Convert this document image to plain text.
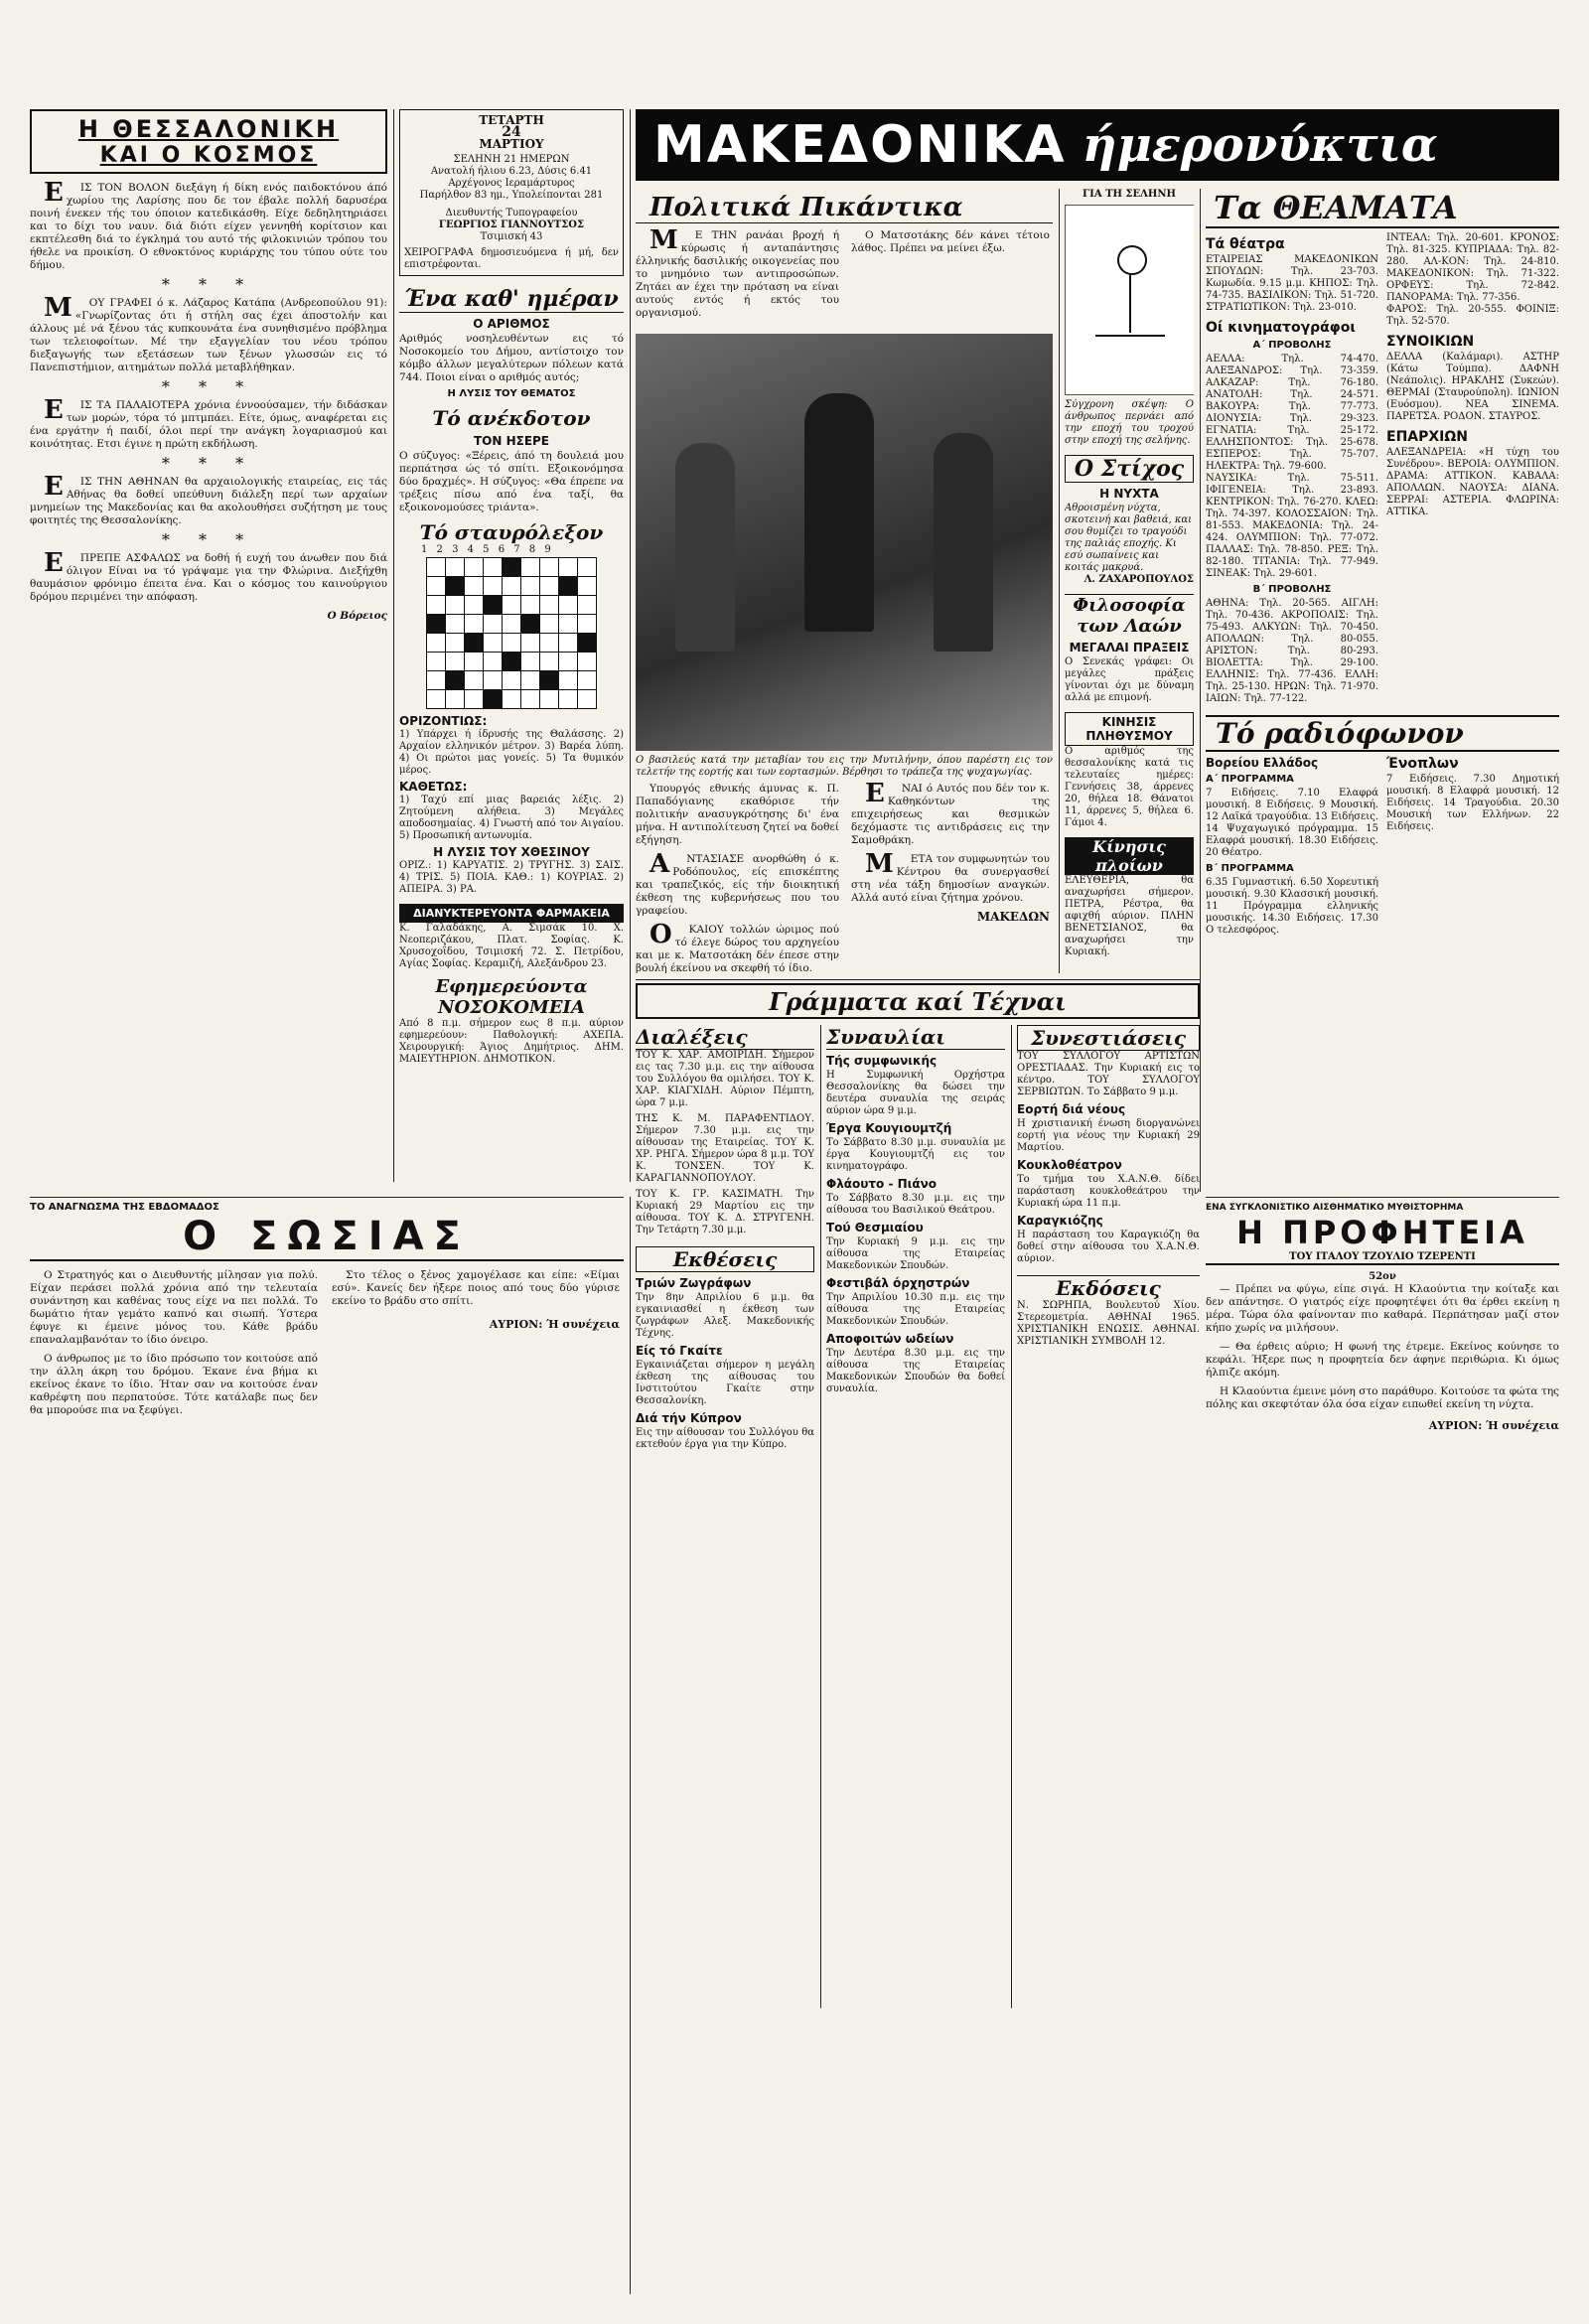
Η ΘΕΣΣΑΛΟΝΙΚΗ
ΚΑΙ Ο ΚΟΣΜΟΣ

ΕΙΣ ΤΟΝ ΒΟΛΟΝ διεξάγη ή δίκη ενός παιδοκτόνου άπό χωρίου της Λαρίσης που δε τον έβαλε πολλή δαρυσέρα ποινή ένεκεν τής του όποιον κατεδικάσθη. Είχε δεδηλητηριάσει και το δίχι του ναυν. διά διότι είχεν γεννηθή κορίτσιον και εκπτέλεσθη διά το έγκλημά του αυτό τής φιλοκινιών τρόπου του ήθελε να προικίση. Ο εθνοκτόνος κυριάρχης του τύπου ούτε του δήμου.

* * *

ΜΟΥ ΓΡΑΦΕΙ ό κ. Λάζαρος Κατάπα (Ανδρεοπούλου 91): «Γνωρίζοντας ότι ή στήλη σας έχει άποστολήν και άλλους μέ νά ξένου τάς κυπκουνάτα ένα συνηθισμένο πρόβλημα των τελειοφοίτων. Μέ την εξαγγελίαν του νέου τρόπου διεξαγωγής των εξετάσεων των ξένων γλωσσών εις τό Πανεπιστήμιον, αιτημάτων πολλά μεταβλήθηκαν.

* * *

ΕΙΣ ΤΑ ΠΑΛΑΙΟΤΕΡΑ χρόνια έννοούσαμεν, τήν διδάσκαν των μορών, τόρα τό μπτμπάει. Είτε, όμως, αναφέρεται εις ένα εργάτην ή παιδί, όλοι περί την ανάγκη λογαριασμού και κοινότητας. Ετσι έγινε η πρώτη εκδήλωση.

* * *

ΕΙΣ ΤΗΝ ΑΘΗΝΑΝ θα αρχαιολογικής εταιρείας, εις τάς Αθήνας θα δοθεί υπεύθυνη διάλεξη περί των αρχαίων μνημείων της Μακεδονίας και θα ακολουθήσει συζήτηση με τους φοιτητές της Θεσσαλονίκης.

* * *

ΕΠΡΕΠΕ ΑΣΦΑΛΩΣ να δοθή ή ευχή του άνωθεν που διά όλιγον Είναι να τό γράψαμε για την Φλώρινα. Διεξήχθη θαυμάσιον φρόνιμο έπειτα ένα. Και ο κόσμος του καινούργιου δρόμου περιμένει την απόφαση.

Ο Βόρειος
ΤΕΤΑΡΤΗ
24
ΜΑΡΤΙΟΥ
ΣΕΛΗΝΗ 21 ΗΜΕΡΩΝ
Ανατολή ήλιου 6.23, Δύσις 6.41
Αρχέγονος Ιεραμάρτυρος
Παρήλθον 83 ημ., Υπολείπονται 281
Διευθυντής Τυπογραφείου
ΓΕΩΡΓΙΟΣ ΓΙΑΝΝΟΥΤΣΟΣ
Τσιμισκή 43
ΧΕΙΡΟΓΡΑΦΑ δημοσιευόμενα ή μή, δεν επιστρέφονται.
Ένα καθ' ημέραν
Ο ΑΡΙΘΜΟΣ
Αριθμός νοσηλευθέντων εις τό Νοσοκομείο του Δήμου, αντίστοιχο τον κόμβο άλλων μεγαλύτερων πόλεων κατά 744. Ποιοι είναι ο αριθμός αυτός;
Η ΛΥΣΙΣ ΤΟΥ ΘΕΜΑΤΟΣ
Τό ανέκδοτον
ΤΟΝ ΗΣΕΡΕ
Ο σύζυγος: «Ξέρεις, άπό τη δουλειά μου περπάτησα ώς τό σπίτι. Εξοικονόμησα δύο δραχμές». Η σύζυγος: «Θα έπρεπε να τρέξεις πίσω από ένα ταξί, θα εξοικονομούσες τριάντα».
Τό σταυρόλεξον
1 2 3 4 5 6 7 8 9
ΟΡΙΖΟΝΤΙΩΣ:
1) Υπάρχει ή ίδρυσής της Θαλάσσης. 2) Αρχαίον ελληνικόν μέτρον. 3) Βαρέα λύπη. 4) Οι πρώτοι μας γονείς. 5) Τα θυμικόν μέρος.
ΚΑΘΕΤΩΣ:
1) Ταχύ επί μιας βαρειάς λέξις. 2) Ζητούμενη αλήθεια. 3) Μεγάλες αποδοσημαίας. 4) Γνωστή από τον Αιγαίου. 5) Προσωπική αντωνυμία.
Η ΛΥΣΙΣ ΤΟΥ ΧΘΕΣΙΝΟΥ
ΟΡΙΖ.: 1) ΚΑΡΥΑΤΙΣ. 2) ΤΡΥΓΗΣ. 3) ΣΑΙΣ. 4) ΤΡΙΣ. 5) ΠΟΙΑ. ΚΑΘ.: 1) ΚΟΥΡΙΑΣ. 2) ΑΠΕΙΡΑ. 3) ΡΑ.
ΔΙΑΝΥΚΤΕΡΕΥΟΝΤΑ ΦΑΡΜΑΚΕΙΑ
Κ. Γαλαδάκης, Α. Σιμσάκ 10. Χ. Νεοπεριζάκου, Πλατ. Σοφίας. Κ. Χρυσοχοΐδου, Τσιμισκή 72. Σ. Πετρίδου, Αγίας Σοφίας. Κεραμιζή, Αλεξάνδρου 23.
Εφημερεύοντα ΝΟΣΟΚΟΜΕΙΑ
Από 8 π.μ. σήμερον εως 8 π.μ. αύριον εφημερεύουν: Παθολογική: ΑΧΕΠΑ. Χειρουργική: Άγιος Δημήτριος. ΔΗΜ. ΜΑΙΕΥΤΗΡΙΟΝ. ΔΗΜΟΤΙΚΟΝ.
ΜΑΚΕΔΟΝΙΚΑ ήμερονύκτια
Πολιτικά Πικάντικα

ΜΕ ΤΗΝ ρανάαι βροχή ή κύρωσις ή ανταπάντησις έλληνικής δασιλικής οικογενείας που το μνημόνιο των αντιπροσώπων. Ζητάει αν έχει την πρόταση να είναι αυτούς εντός ή εκτός του οργανισμού.

Ο Ματσοτάκης δέν κάνει τέτοιο λάθος. Πρέπει να μείνει έξω.

Ο βασιλεύς κατά την μεταβίαν του εις την Μυτιλήνην, όπου παρέστη εις τον τελετήν της εορτής και των εορτασμών. Βέρθησι το τράπεζα της ψυχαγωγίας.

Υπουργός εθνικής άμυνας κ. Π. Παπαδόγιανης εκαθόρισε τήν πολιτικήν ανασυγκρότησης δι' ένα μήνα. Η αντιπολίτευση ζητεί να δοθεί εξήγηση.

ΑΝΤΑΣΙΑΣΕ ανορθώθη ό κ. Ροδόπουλος, είς επισκέπτης και τραπεζικός, είς τήν διοικητική έκθεση της κυβερνήσεως που του γραφείου.

ΟΚΑΙΟΥ τολλών ώριμος πού τό έλεγε δώρος του αρχηγείου και με κ. Ματσοτάκη δέν έπεσε στην βουλή έκείνου να σκεφθή τό ίδιο.

ΕΝΑΙ ό Αυτός που δέν τον κ. Καθηκόντων της επιχειρήσεως και θεσμικών δεχόμαστε τις αντιδράσεις εις την Σαμοθράκη.

ΜΕΤΑ τον συμφωνητών του Κέντρου θα συνεργασθεί στη νέα τάξη δημοσίων αναγκών. Αλλά αυτό είναι ζήτημα χρόνου.

ΜΑΚΕΔΩΝ
ΓΙΑ ΤΗ ΣΕΛΗΝΗ
Σύγχρονη σκέψη: Ο άνθρωπος περνάει από την εποχή του τροχού στην εποχή της σελήνης.
Ο Στίχος
Η ΝΥΧΤΑ
Αθροισμένη νύχτα, σκοτεινή και βαθειά, και σου θυμίζει το τραγούδι της παλιάς εποχής. Κι εσύ σωπαίνεις και κοιτάς μακρυά.
Λ. ΖΑΧΑΡΟΠΟΥΛΟΣ
Φιλοσοφία των Λαών
ΜΕΓΑΛΑΙ ΠΡΑΞΕΙΣ
Ο Σενεκάς γράφει: Οι μεγάλες πράξεις γίνονται όχι με δύναμη αλλά με επιμονή.
ΚΙΝΗΣΙΣ ΠΛΗΘΥΣΜΟΥ
Ο αριθμός της θεσσαλονίκης κατά τις τελευταίες ημέρες: Γεννήσεις 38, άρρενες 20, θήλεα 18. Θάνατοι 11, άρρενες 5, θήλεα 6. Γάμοι 4.
Κίνησις πλοίων
ΕΛΕΥΘΕΡΙΑ, θα αναχωρήσει σήμερον. ΠΕΤΡΑ, Ρέστρα, θα αφιχθή αύριον. ΠΛΗΝ ΒΕΝΕΤΣΙΑΝΟΣ, θα αναχωρήσει την Κυριακή.
Τα ΘΕΑΜΑΤΑ
Τά θέατρα
ΕΤΑΙΡΕΙΑΣ ΜΑΚΕΔΟΝΙΚΩΝ ΣΠΟΥΔΩΝ: Τηλ. 23-703. Κωμωδία. 9.15 μ.μ. ΚΗΠΟΣ: Τηλ. 74-735. ΒΑΣΙΛΙΚΟΝ: Τηλ. 51-720. ΣΤΡΑΤΙΩΤΙΚΟΝ: Τηλ. 23-010.
Οί κινηματογράφοι
Α΄ ΠΡΟΒΟΛΗΣ
ΑΕΛΛΑ: Τηλ. 74-470. ΑΛΕΞΑΝΔΡΟΣ: Τηλ. 73-359. ΑΛΚΑΖΑΡ: Τηλ. 76-180. ΑΝΑΤΟΛΗ: Τηλ. 24-571. ΒΑΚΟΥΡΑ: Τηλ. 77-773. ΔΙΟΝΥΣΙΑ: Τηλ. 29-323. ΕΓΝΑΤΙΑ: Τηλ. 25-172. ΕΛΛΗΣΠΟΝΤΟΣ: Τηλ. 25-678. ΕΣΠΕΡΟΣ: Τηλ. 75-707. ΗΛΕΚΤΡΑ: Τηλ. 79-600.
ΝΑΥΣΙΚΑ: Τηλ. 75-511. ΙΦΙΓΕΝΕΙΑ: Τηλ. 23-893. ΚΕΝΤΡΙΚΟΝ: Τηλ. 76-270. ΚΛΕΩ: Τηλ. 74-397. ΚΟΛΟΣΣΑΙΟΝ: Τηλ. 81-553. ΜΑΚΕΔΟΝΙΑ: Τηλ. 24-424. ΟΛΥΜΠΙΟΝ: Τηλ. 77-072. ΠΑΛΛΑΣ: Τηλ. 78-850. ΡΕΞ: Τηλ. 82-180. ΤΙΤΑΝΙΑ: Τηλ. 77-949. ΣΙΝΕΑΚ: Τηλ. 29-601.
Β΄ ΠΡΟΒΟΛΗΣ
ΑΘΗΝΑ: Τηλ. 20-565. ΑΙΓΛΗ: Τηλ. 70-436. ΑΚΡΟΠΟΛΙΣ: Τηλ. 75-493. ΑΛΚΥΩΝ: Τηλ. 70-450. ΑΠΟΛΛΩΝ: Τηλ. 80-055. ΑΡΙΣΤΟΝ: Τηλ. 80-293. ΒΙΟΛΕΤΤΑ: Τηλ. 29-100. ΕΛΛΗΝΙΣ: Τηλ. 77-436. ΕΛΛΗ: Τηλ. 25-130. ΗΡΩΝ: Τηλ. 71-970. ΙΑΙΩΝ: Τηλ. 77-122.
ΙΝΤΕΑΛ: Τηλ. 20-601. ΚΡΟΝΟΣ: Τηλ. 81-325. ΚΥΠΡΙΑΔΑ: Τηλ. 82-280. ΑΛ-ΚΟΝ: Τηλ. 24-810. ΜΑΚΕΔΟΝΙΚΟΝ: Τηλ. 71-322. ΟΡΦΕΥΣ: Τηλ. 72-842. ΠΑΝΟΡΑΜΑ: Τηλ. 77-356.
ΦΑΡΟΣ: Τηλ. 20-555. ΦΟΙΝΙΞ: Τηλ. 52-570.
ΣΥΝΟΙΚΙΩΝ
ΔΕΛΛΑ (Καλάμαρι). ΑΣΤΗΡ (Κάτω Τούμπα). ΔΑΦΝΗ (Νεάπολις). ΗΡΑΚΛΗΣ (Συκεών). ΘΕΡΜΑΙ (Σταυρούπολη). ΙΩΝΙΟΝ (Ευόσμου). ΝΕΑ ΣΙΝΕΜΑ. ΠΑΡΕΤΣΑ. ΡΟΔΟΝ. ΣΤΑΥΡΟΣ.
ΕΠΑΡΧΙΩΝ
ΑΛΕΞΑΝΔΡΕΙΑ: «Η τύχη του Συνέδρου». ΒΕΡΟΙΑ: ΟΛΥΜΠΙΟΝ. ΔΡΑΜΑ: ΑΤΤΙΚΟΝ. ΚΑΒΑΛΑ: ΑΠΟΛΛΩΝ. ΝΑΟΥΣΑ: ΔΙΑΝΑ. ΣΕΡΡΑΙ: ΑΣΤΕΡΙΑ. ΦΛΩΡΙΝΑ: ΑΤΤΙΚΑ.
Τό ραδιόφωνον
Βορείου Ελλάδος
Α΄ ΠΡΟΓΡΑΜΜΑ
7 Ειδήσεις. 7.10 Ελαφρά μουσική. 8 Ειδήσεις. 9 Μουσική. 12 Λαϊκά τραγούδια. 13 Ειδήσεις. 14 Ψυχαγωγικό πρόγραμμα. 15 Ελαφρά μουσική. 18.30 Ειδήσεις. 20 Θέατρο.
Β΄ ΠΡΟΓΡΑΜΜΑ
6.35 Γυμναστική. 6.50 Χορευτική μουσική. 9.30 Κλασσική μουσική. 11 Πρόγραμμα ελληνικής μουσικής. 14.30 Ειδήσεις. 17.30 Ο τελεσφόρος.
Ένοπλων
7 Ειδήσεις. 7.30 Δημοτική μουσική. 8 Ελαφρά μουσική. 12 Ειδήσεις. 14 Τραγούδια. 20.30 Μουσική των Ελλήνων. 22 Ειδήσεις.
Γράμματα καί Τέχναι
Διαλέξεις
ΤΟΥ Κ. ΧΑΡ. ΑΜΟΙΡΙΔΗ. Σήμερον εις τας 7.30 μ.μ. εις την αίθουσα του Συλλόγου θα ομιλήσει. ΤΟΥ Κ. ΧΑΡ. ΚΙΑΓΧΙΔΗ. Αύριον Πέμπτη, ώρα 7 μ.μ.
ΤΗΣ Κ. Μ. ΠΑΡΑΦΕΝΤΙΔΟΥ. Σήμερον 7.30 μ.μ. εις την αίθουσαν της Εταιρείας. ΤΟΥ Κ. ΧΡ. ΡΗΓΑ. Σήμερον ώρα 8 μ.μ. ΤΟΥ Κ. ΤΟΝΣΕΝ. ΤΟΥ Κ. ΚΑΡΑΓΙΑΝΝΟΠΟΥΛΟΥ.
ΤΟΥ Κ. ΓΡ. ΚΑΣΙΜΑΤΗ. Την Κυριακή 29 Μαρτίου εις την αίθουσα. ΤΟΥ Κ. Δ. ΣΤΡΥΓΕΝΗ. Την Τετάρτη 7.30 μ.μ.
Εκθέσεις
Τριών Ζωγράφων
Την 8ην Απριλίου 6 μ.μ. θα εγκαινιασθεί η έκθεση των ζωγράφων Αλεξ. Μακεδονικής Τέχνης.
Είς τό Γκαίτε
Εγκαινιάζεται σήμερον η μεγάλη έκθεση της αίθουσας του Ινστιτούτου Γκαίτε στην Θεσσαλονίκη.
Διά τήν Κύπρον
Εις την αίθουσαν του Συλλόγου θα εκτεθούν έργα για την Κύπρο.
Συναυλίαι
Τής συμφωνικής
Η Συμφωνική Ορχήστρα Θεσσαλονίκης θα δώσει την δευτέρα συναυλία της σειράς αύριον ώρα 9 μ.μ.
Έργα Κουγιουμτζή
Το Σάββατο 8.30 μ.μ. συναυλία με έργα Κουγιουμτζή εις τον κινηματογράφο.
Φλάουτο - Πιάνο
Το Σάββατο 8.30 μ.μ. εις την αίθουσα του Βασιλικού Θεάτρου.
Τού Θεσμιαίου
Την Κυριακή 9 μ.μ. εις την αίθουσα της Εταιρείας Μακεδονικών Σπουδών.
Φεστιβάλ όρχηστρών
Την Απριλίου 10.30 π.μ. εις την αίθουσα της Εταιρείας Μακεδονικών Σπουδών.
Αποφοιτών ωδείων
Την Δευτέρα 8.30 μ.μ. εις την αίθουσα της Εταιρείας Μακεδονικών Σπουδών θα δοθεί συναυλία.
Συνεστιάσεις
ΤΟΥ ΣΥΛΛΟΓΟΥ ΑΡΤΙΣΤΩΝ ΟΡΕΣΤΙΑΔΑΣ. Την Κυριακή εις το κέντρο. ΤΟΥ ΣΥΛΛΟΓΟΥ ΣΕΡΒΙΩΤΩΝ. Το Σάββατο 9 μ.μ.
Εορτή διά νέους
Η χριστιανική ένωση διοργανώνει εορτή για νέους την Κυριακή 29 Μαρτίου.
Κουκλοθέατρον
Το τμήμα του Χ.Α.Ν.Θ. δίδει παράσταση κουκλοθεάτρου την Κυριακή ώρα 11 π.μ.
Καραγκιόζης
Η παράσταση του Καραγκιόζη θα δοθεί στην αίθουσα του Χ.Α.Ν.Θ. αύριον.
Εκδόσεις
Ν. ΣΩΡΗΠΑ, Βουλευτού Χίου. Στερεομετρία. ΑΘΗΝΑΙ 1965. ΧΡΙΣΤΙΑΝΙΚΗ ΕΝΩΣΙΣ. ΑΘΗΝΑΙ. ΧΡΙΣΤΙΑΝΙΚΗ ΣΥΜΒΟΛΗ 12.
ΤΟ ΑΝΑΓΝΩΣΜΑ ΤΗΣ ΕΒΔΟΜΑΔΟΣ
Ο ΣΩΣΙΑΣ

Ο Στρατηγός και ο Διευθυντής μίλησαν για πολύ. Είχαν περάσει πολλά χρόνια από την τελευταία συνάντηση και καθένας τους είχε να πει πολλά. Το δωμάτιο ήταν γεμάτο καπνό και σιωπή. Ύστερα έφυγε κι έμεινε μόνος του. Κάθε βράδυ επαναλαμβανόταν το ίδιο όνειρο.

Ο άνθρωπος με το ίδιο πρόσωπο τον κοιτούσε από την άλλη άκρη του δρόμου. Έκανε ένα βήμα κι εκείνος έκανε το ίδιο. Ήταν σαν να κοιτούσε έναν καθρέφτη που περπατούσε. Τότε κατάλαβε πως δεν θα μπορούσε πια να ξεφύγει.

Στο τέλος ο ξένος χαμογέλασε και είπε: «Είμαι εσύ». Κανείς δεν ήξερε ποιος από τους δύο γύρισε εκείνο το βράδυ στο σπίτι.

ΑΥΡΙΟΝ: Ή συνέχεια
ΕΝΑ ΣΥΓΚΛΟΝΙΣΤΙΚΟ ΑΙΣΘΗΜΑΤΙΚΟ ΜΥΘΙΣΤΟΡΗΜΑ
Η ΠΡΟΦΗΤΕΙΑ
ΤΟΥ ΙΤΑΛΟΥ ΤΖΟΥΛΙΟ ΤΖΕΡΕΝΤΙ
52ον

— Πρέπει να φύγω, είπε σιγά. Η Κλαούντια την κοίταξε και δεν απάντησε. Ο γιατρός είχε προφητέψει ότι θα έρθει εκείνη η μέρα. Τώρα όλα φαίνονταν πιο καθαρά. Περπάτησαν μαζί στον κήπο χωρίς να μιλήσουν.

— Θα έρθεις αύριο; Η φωνή της έτρεμε. Εκείνος κούνησε το κεφάλι. Ήξερε πως η προφητεία δεν άφηνε περιθώρια. Κι όμως ήλπιζε ακόμη.

Η Κλαούντια έμεινε μόνη στο παράθυρο. Κοιτούσε τα φώτα της πόλης και σκεφτόταν όλα όσα είχαν ειπωθεί εκείνη τη νύχτα.

ΑΥΡΙΟΝ: Ή συνέχεια
